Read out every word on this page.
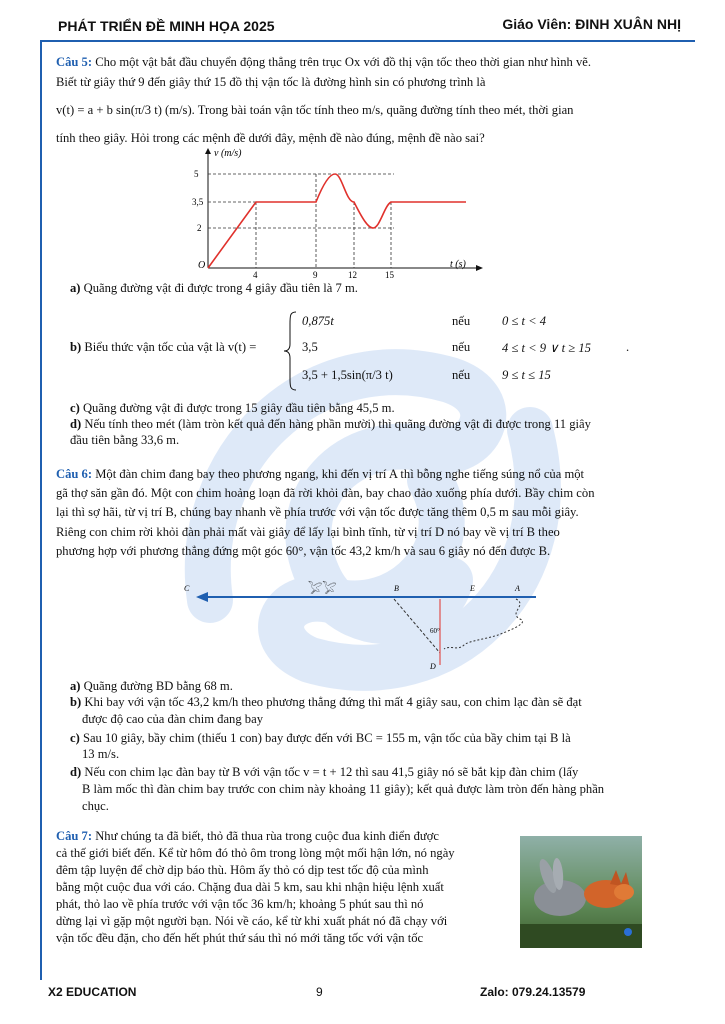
PHÁT TRIỂN ĐỀ MINH HỌA 2025	Giáo Viên: ĐINH XUÂN NHỊ

Câu 5: Cho một vật bắt đầu chuyển động thẳng trên trục Ox với đồ thị vận tốc theo thời gian như hình vẽ.

Biết từ giây thứ 9 đến giây thứ 15 đồ thị vận tốc là đường hình sin có phương trình là

v(t) = a + b sin(π/3 t) (m/s). Trong bài toán vận tốc tính theo m/s, quãng đường tính theo mét, thời gian

tính theo giây. Hỏi trong các mệnh đề dưới đây, mệnh đề nào đúng, mệnh đề nào sai?

v (m/s)
t (s)
O
5
3,5
2
4	9	12	15

a) Quãng đường vật đi được trong 4 giây đầu tiên là 7 m.

b) Biểu thức vận tốc của vật là v(t) =
0,875t	nếu	0 ≤ t < 4
3,5	nếu	4 ≤ t < 9 ∨ t ≥ 15	.
3,5 + 1,5sin(π/3 t)	nếu	9 ≤ t ≤ 15

c) Quãng đường vật đi được trong 15 giây đầu tiên bằng 45,5 m.

d) Nếu tính theo mét (làm tròn kết quả đến hàng phần mười) thì quãng đường vật đi được trong 11 giây

đầu tiên bằng 33,6 m.

Câu 6: Một đàn chim đang bay theo phương ngang, khi đến vị trí A thì bỗng nghe tiếng súng nổ của một

gã thợ săn gần đó. Một con chim hoảng loạn đã rời khỏi đàn, bay chao đảo xuống phía dưới. Bầy chim còn

lại thì sợ hãi, từ vị trí B, chúng bay nhanh về phía trước với vận tốc được tăng thêm 0,5 m sau mỗi giây.

Riêng con chim rời khỏi đàn phải mất vài giây để lấy lại bình tĩnh, từ vị trí D nó bay về vị trí B theo

phương hợp với phương thẳng đứng một góc 60°, vận tốc 43,2 km/h và sau 6 giây nó đến được B.

C	B	E	A
𓅯𓅯
60°
D

a) Quãng đường BD bằng 68 m.

b) Khi bay với vận tốc 43,2 km/h theo phương thẳng đứng thì mất 4 giây sau, con chim lạc đàn sẽ đạt

được độ cao của đàn chim đang bay

c) Sau 10 giây, bầy chim (thiếu 1 con) bay được đến với BC = 155 m, vận tốc của bầy chim tại B là

13 m/s.

d) Nếu con chim lạc đàn bay từ B với vận tốc v = t + 12 thì sau 41,5 giây nó sẽ bắt kịp đàn chim (lấy

B làm mốc thì đàn chim bay trước con chim này khoảng 11 giây); kết quả được làm tròn đến hàng phần

chục.

Câu 7: Như chúng ta đã biết, thỏ đã thua rùa trong cuộc đua kinh điển được

cả thế giới biết đến. Kể từ hôm đó thỏ ôm trong lòng một mối hận lớn, nó ngày

đêm tập luyện để chờ dịp báo thù. Hôm ấy thỏ có dịp test tốc độ của mình

bằng một cuộc đua với cáo. Chặng đua dài 5 km, sau khi nhận hiệu lệnh xuất

phát, thỏ lao về phía trước với vận tốc 36 km/h; khoảng 5 phút sau thì nó

dừng lại vì gặp một người bạn. Nói về cáo, kể từ khi xuất phát nó đã chạy với

vận tốc đều đặn, cho đến hết phút thứ sáu thì nó mới tăng tốc với vận tốc

X2 EDUCATION	9	Zalo: 079.24.13579
